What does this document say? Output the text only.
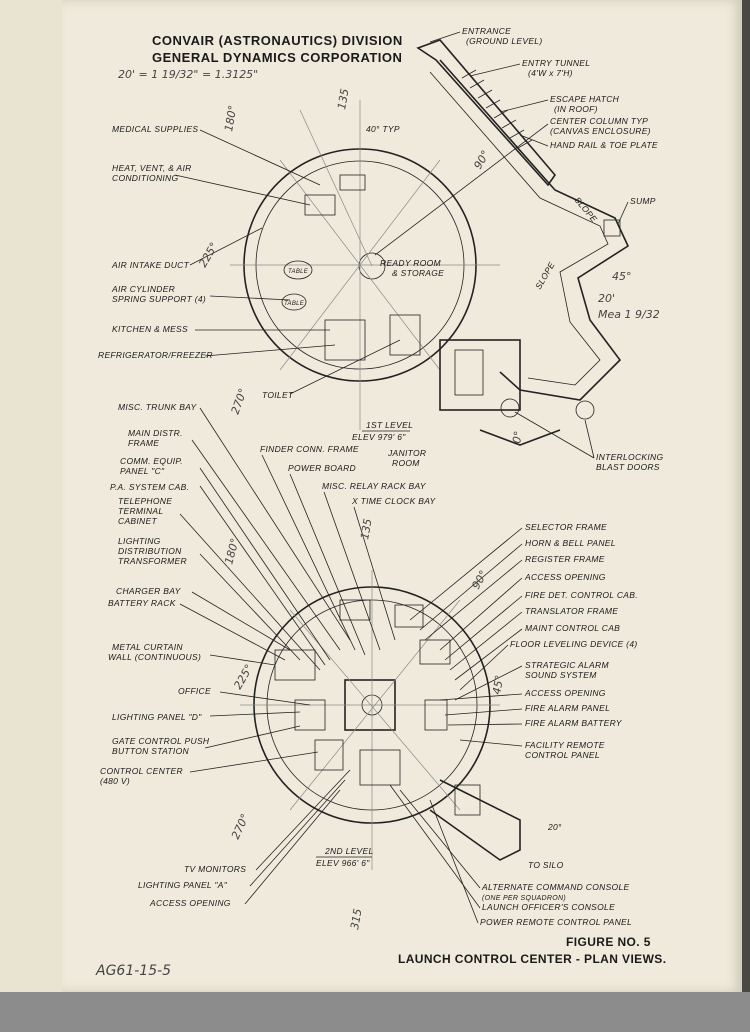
CONVAIR (ASTRONAUTICS) DIVISION
GENERAL DYNAMICS CORPORATION
20' = 1 19/32" = 1.3125"
20'
Mea 1 9/32
AG61-15-5
TABLE
TABLE
1ST LEVEL
ELEV 979' 6"
40° TYP
MEDICAL SUPPLIES
HEAT, VENT, & AIR
CONDITIONING
AIR INTAKE DUCT
AIR CYLINDER
SPRING SUPPORT (4)
KITCHEN & MESS
REFRIGERATOR/FREEZER
TOILET
ENTRANCE
(GROUND LEVEL)
ENTRY TUNNEL
(4'W x 7'H)
ESCAPE HATCH
(IN ROOF)
CENTER COLUMN TYP
(CANVAS ENCLOSURE)
HAND RAIL & TOE PLATE
SUMP
SLOPE
SLOPE
READY ROOM
& STORAGE
JANITOR
ROOM
INTERLOCKING
BLAST DOORS
225°
270°
180°
135
90°
45°
0°
TO SILO
20°
2ND LEVEL
ELEV 966' 6"
MISC. TRUNK BAY
MAIN DISTR.
FRAME
COMM. EQUIP.
PANEL "C"
P.A. SYSTEM CAB.
TELEPHONE
TERMINAL
CABINET
LIGHTING
DISTRIBUTION
TRANSFORMER
CHARGER BAY
BATTERY RACK
METAL CURTAIN
WALL (CONTINUOUS)
OFFICE
LIGHTING PANEL "D"
GATE CONTROL PUSH
BUTTON STATION
CONTROL CENTER
(480 V)
TV MONITORS
LIGHTING PANEL "A"
ACCESS OPENING
FINDER CONN. FRAME
POWER BOARD
MISC. RELAY RACK BAY
X TIME CLOCK BAY
SELECTOR FRAME
HORN & BELL PANEL
REGISTER FRAME
ACCESS OPENING
FIRE DET. CONTROL CAB.
TRANSLATOR FRAME
MAINT CONTROL CAB
FLOOR LEVELING DEVICE (4)
STRATEGIC ALARM
SOUND SYSTEM
ACCESS OPENING
FIRE ALARM PANEL
FIRE ALARM BATTERY
FACILITY REMOTE
CONTROL PANEL
ALTERNATE COMMAND CONSOLE
(ONE PER SQUADRON)
LAUNCH OFFICER'S CONSOLE
POWER REMOTE CONTROL PANEL
180°
135
90°
45°
225°
270°
315
FIGURE NO. 5
LAUNCH CONTROL CENTER - PLAN VIEWS.
